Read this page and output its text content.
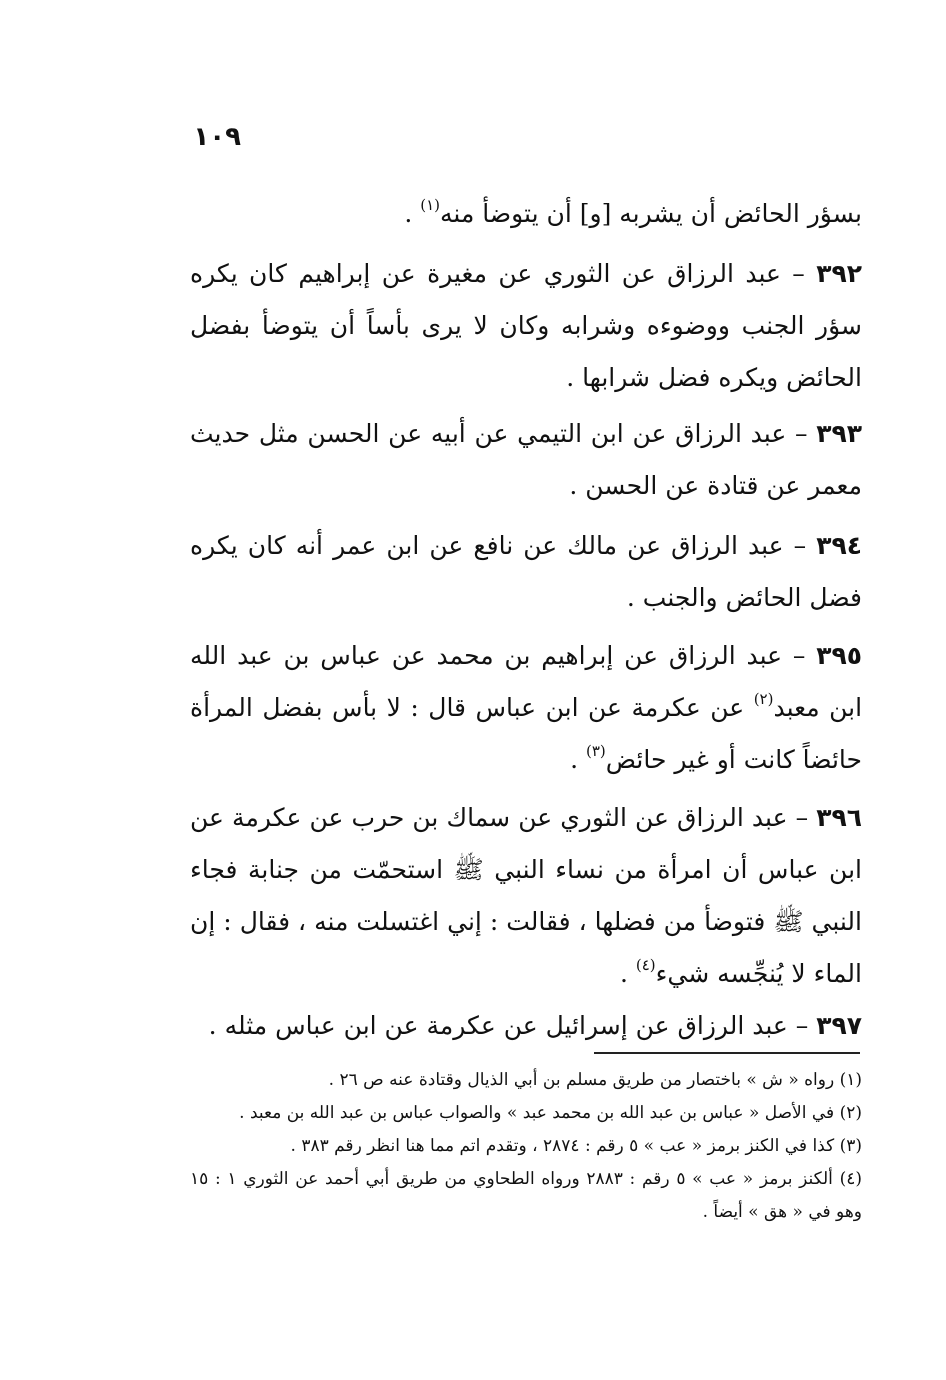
١٠٩
بسؤر الحائض أن يشربه [و] أن يتوضأ منه$^{(١)}$ .
٣٩٢ – عبد الرزاق عن الثوري عن مغيرة عن إبراهيم كان يكره سؤر الجنب ووضوءه وشرابه وكان لا يرى بأساً أن يتوضأ بفضل الحائض ويكره فضل شرابها .
٣٩٣ – عبد الرزاق عن ابن التيمي عن أبيه عن الحسن مثل حديث معمر عن قتادة عن الحسن .
٣٩٤ – عبد الرزاق عن مالك عن نافع عن ابن عمر أنه كان يكره فضل الحائض والجنب .
٣٩٥ – عبد الرزاق عن إبراهيم بن محمد عن عباس بن عبد الله ابن معبد$^{(٢)}$ عن عكرمة عن ابن عباس قال : لا بأس بفضل المرأة حائضاً كانت أو غير حائض$^{(٣)}$ .
٣٩٦ – عبد الرزاق عن الثوري عن سماك بن حرب عن عكرمة عن ابن عباس أن امرأة من نساء النبي ﷺ استحمّت من جنابة فجاء النبي ﷺ فتوضأ من فضلها ، فقالت : إني اغتسلت منه ، فقال : إن الماء لا يُنجِّسه شيء$^{(٤)}$ .
٣٩٧ – عبد الرزاق عن إسرائيل عن عكرمة عن ابن عباس مثله .
(١) رواه « ش » باختصار من طريق مسلم بن أبي الذيال وقتادة عنه ص ٢٦ .
(٢) في الأصل « عباس بن عبد الله بن محمد عبد » والصواب عباس بن عبد الله بن معبد .
(٣) كذا في الكنز برمز « عب » ٥ رقم : ٢٨٧٤ ، وتقدم اتم مما هنا انظر رقم ٣٨٣ .
(٤) ألكنز برمز « عب » ٥ رقم : ٢٨٨٣ ورواه الطحاوي من طريق أبي أحمد عن الثوري ١ : ١٥ وهو في « هق » أيضاً .
